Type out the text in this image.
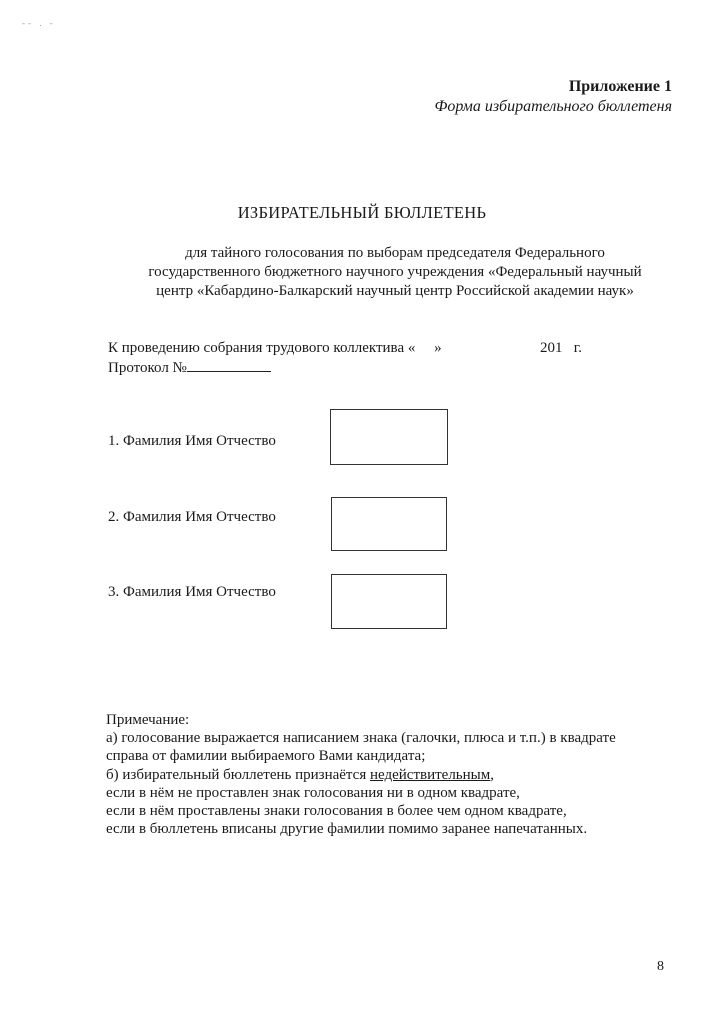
-- . -
Приложение 1
Форма избирательного бюллетеня
ИЗБИРАТЕЛЬНЫЙ БЮЛЛЕТЕНЬ
для тайного голосования по выборам председателя Федерального
государственного бюджетного научного учреждения «Федеральный научный
центр «Кабардино-Балкарский научный центр Российской академии наук»
К проведению собрания трудового коллектива «     »	201   г.
Протокол №
1. Фамилия Имя Отчество
2. Фамилия Имя Отчество
3. Фамилия Имя Отчество
Примечание:
а) голосование выражается написанием знака (галочки, плюса и т.п.) в квадрате
справа от фамилии выбираемого Вами кандидата;
б) избирательный бюллетень признаётся недействительным,
если в нём не проставлен знак голосования ни в одном квадрате,
если в нём проставлены знаки голосования в более чем одном квадрате,
если в бюллетень вписаны другие фамилии помимо заранее напечатанных.
8
